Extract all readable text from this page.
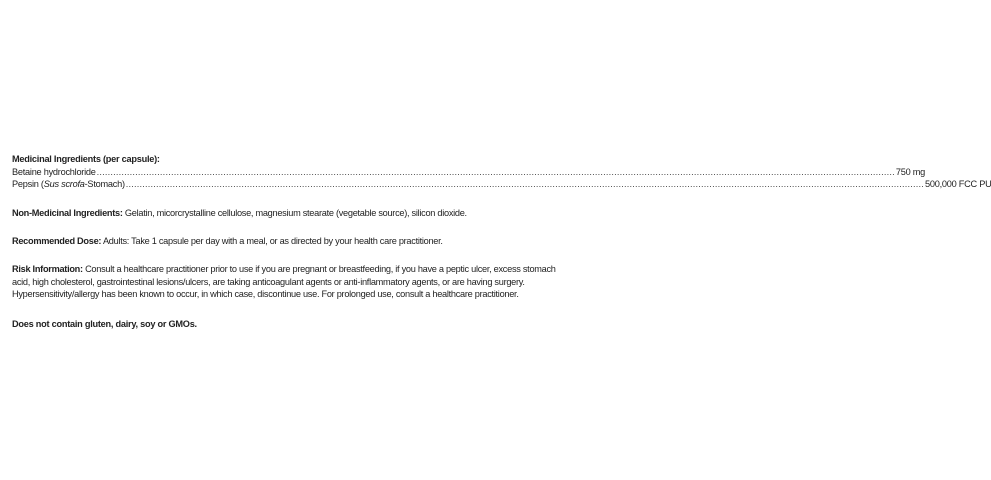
Medicinal Ingredients (per capsule):
Betaine hydrochloride .....	750 mg
Pepsin (Sus scrofa-Stomach) .....	500,000 FCC PU
Non-Medicinal Ingredients: Gelatin, micorcrystalline cellulose, magnesium stearate (vegetable source), silicon dioxide.
Recommended Dose: Adults: Take 1 capsule per day with a meal, or as directed by your health care practitioner.
Risk Information: Consult a healthcare practitioner prior to use if you are pregnant or breastfeeding, if you have a peptic ulcer, excess stomach
acid, high cholesterol, gastrointestinal lesions/ulcers, are taking anticoagulant agents or anti-inflammatory agents, or are having surgery.
Hypersensitivity/allergy has been known to occur, in which case, discontinue use. For prolonged use, consult a healthcare practitioner.
Does not contain gluten, dairy, soy or GMOs.
